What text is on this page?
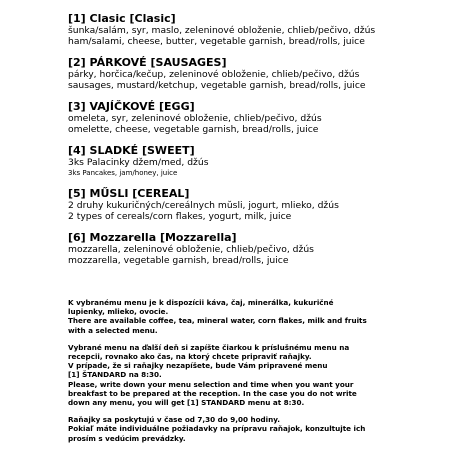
[1] Clasic [Clasic]
šunka/salám, syr, maslo, zeleninové obloženie, chlieb/pečivo, džús
ham/salami, cheese, butter, vegetable garnish, bread/rolls, juice
[2] PÁRKOVÉ [SAUSAGES]
párky, horčica/kečup, zeleninové obloženie, chlieb/pečivo, džús
sausages, mustard/ketchup, vegetable garnish, bread/rolls, juice
[3] VAJÍČKOVÉ [EGG]
omeleta, syr, zeleninové obloženie, chlieb/pečivo, džús
omelette, cheese, vegetable garnish, bread/rolls, juice
[4] SLADKÉ [SWEET]
3ks Palacinky džem/med, džús
3ks Pancakes, jam/honey, juice
[5] MŰSLI [CEREAL]
2 druhy kukuričných/cereálnych mŭsli, jogurt, mlieko, džús
2 types of cereals/corn flakes, yogurt, milk, juice
[6] Mozzarella [Mozzarella]
mozzarella, zeleninové obloženie, chlieb/pečivo, džús
mozzarella, vegetable garnish, bread/rolls, juice
K vybranému menu je k dispozícii káva, čaj, minerálka, kukuričné
lupienky, mlieko, ovocie.
There are available coffee, tea, mineral water, corn flakes, milk and fruits
with a selected menu.
Vybrané menu na ďalší deň si zapíšte čiarkou k príslušnému menu na
recepcii, rovnako ako čas, na ktorý chcete pripraviť raňajky.
V prípade, že si raňajky nezapíšete, bude Vám pripravené menu
[1] ŠTANDARD na 8:30.
Please, write down your menu selection and time when you want your
breakfast to be prepared at the reception. In the case you do not write
down any menu, you will get [1] STANDARD menu at 8:30.
Raňajky sa poskytujú v čase od 7,30 do 9,00 hodiny.
Pokiaľ máte individuálne požiadavky na prípravu raňajok, konzultujte ich
prosím s vedúcim prevádzky.
